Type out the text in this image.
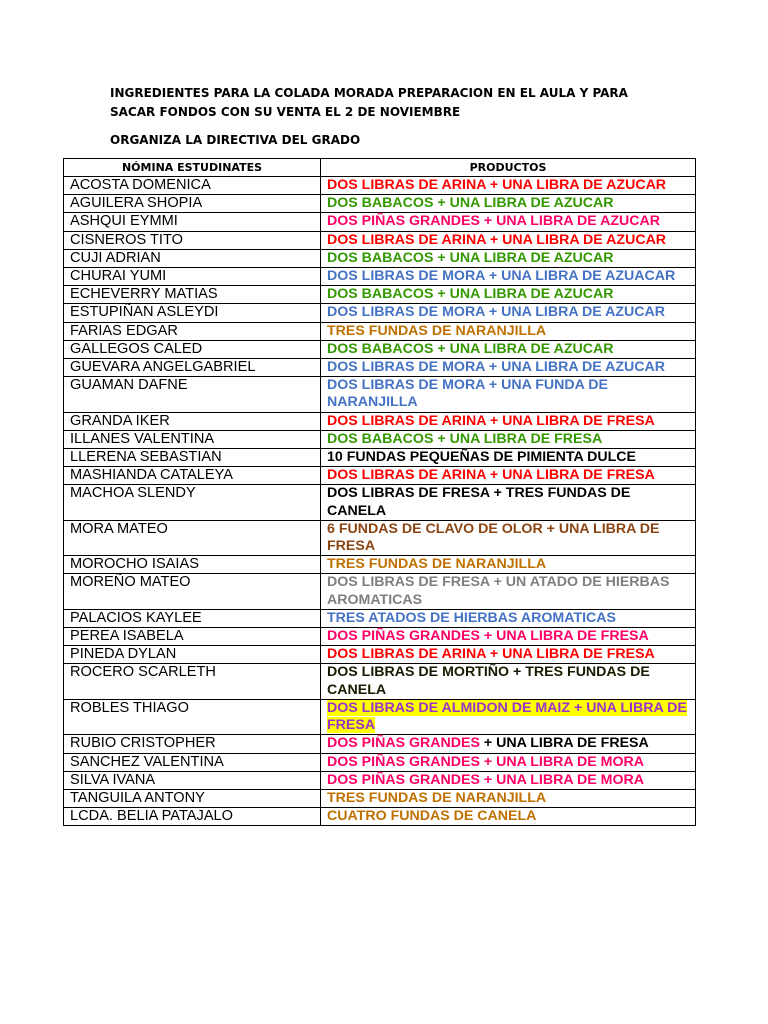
INGREDIENTES PARA LA COLADA MORADA PREPARACION EN EL AULA Y PARA SACAR FONDOS CON SU VENTA EL 2 DE NOVIEMBRE
ORGANIZA LA DIRECTIVA DEL GRADO
NÓMINA ESTUDINATES	PRODUCTOS
ACOSTA DOMENICA	DOS LIBRAS DE ARINA + UNA LIBRA DE AZUCAR
AGUILERA SHOPIA	DOS BABACOS + UNA LIBRA DE AZUCAR
ASHQUI EYMMI	DOS PIÑAS GRANDES + UNA LIBRA DE AZUCAR
CISNEROS TITO	DOS LIBRAS DE ARINA + UNA LIBRA DE AZUCAR
CUJI ADRIAN	DOS BABACOS + UNA LIBRA DE AZUCAR
CHURAI YUMI	DOS LIBRAS DE MORA + UNA LIBRA DE AZUACAR
ECHEVERRY MATIAS	DOS BABACOS + UNA LIBRA DE AZUCAR
ESTUPIÑAN ASLEYDI	DOS LIBRAS DE MORA + UNA LIBRA DE AZUCAR
FARIAS EDGAR	TRES FUNDAS DE NARANJILLA
GALLEGOS CALED	DOS BABACOS + UNA LIBRA DE AZUCAR
GUEVARA ANGELGABRIEL	DOS LIBRAS DE MORA + UNA LIBRA DE AZUCAR
GUAMAN DAFNE	DOS LIBRAS DE MORA + UNA FUNDA DE NARANJILLA
GRANDA IKER	DOS LIBRAS DE ARINA + UNA LIBRA DE FRESA
ILLANES VALENTINA	DOS BABACOS + UNA LIBRA DE FRESA
LLERENA SEBASTIAN	10 FUNDAS PEQUEÑAS DE PIMIENTA DULCE
MASHIANDA CATALEYA	DOS LIBRAS DE ARINA + UNA LIBRA DE FRESA
MACHOA SLENDY	DOS LIBRAS DE FRESA + TRES FUNDAS DE CANELA
MORA MATEO	6 FUNDAS DE CLAVO DE OLOR + UNA LIBRA DE FRESA
MOROCHO ISAIAS	TRES FUNDAS DE NARANJILLA
MOREÑO MATEO	DOS LIBRAS DE FRESA + UN ATADO DE HIERBAS AROMATICAS
PALACIOS KAYLEE	TRES ATADOS DE HIERBAS AROMATICAS
PEREA ISABELA	DOS PIÑAS GRANDES + UNA LIBRA DE FRESA
PINEDA DYLAN	DOS LIBRAS DE ARINA + UNA LIBRA DE FRESA
ROCERO SCARLETH	DOS LIBRAS DE MORTIÑO + TRES FUNDAS DE CANELA
ROBLES THIAGO	DOS LIBRAS DE ALMIDON DE MAIZ + UNA LIBRA DE FRESA
RUBIO CRISTOPHER	DOS PIÑAS GRANDES + UNA LIBRA DE FRESA
SANCHEZ VALENTINA	DOS PIÑAS GRANDES + UNA LIBRA DE MORA
SILVA IVANA	DOS PIÑAS GRANDES + UNA LIBRA DE MORA
TANGUILA ANTONY	TRES FUNDAS DE NARANJILLA
LCDA. BELIA PATAJALO	CUATRO FUNDAS DE CANELA
